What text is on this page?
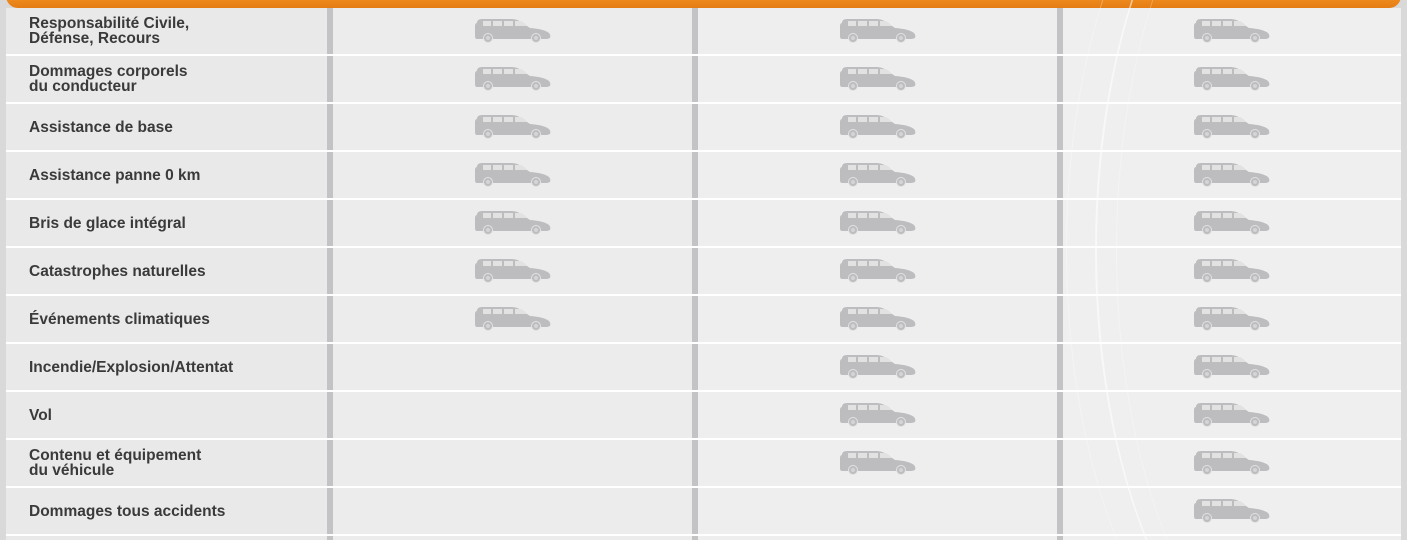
Responsabilité Civile,
Défense, Recours
Dommages corporels
du conducteur
Assistance de base
Assistance panne 0 km
Bris de glace intégral
Catastrophes naturelles
Événements climatiques
Incendie/Explosion/Attentat
Vol
Contenu et équipement
du véhicule
Dommages tous accidents
